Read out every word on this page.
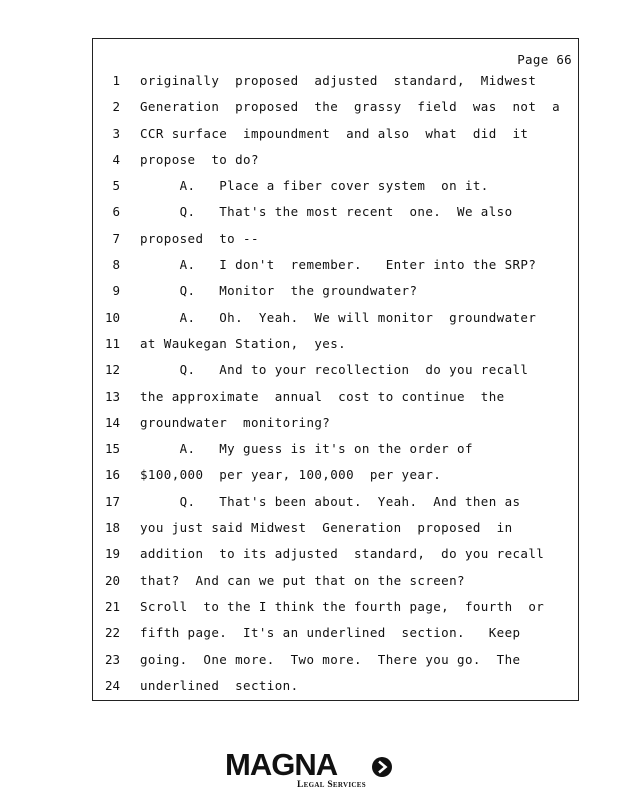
Page 66
1 originally  proposed  adjusted  standard,  Midwest
2 Generation  proposed  the  grassy  field  was  not  a
3 CCR surface  impoundment  and also  what  did  it
4 propose  to do?
5 A.   Place a fiber cover system  on it.
6 Q.   That's the most recent  one.  We also
7 proposed  to --
8 A.   I don't  remember.   Enter into the SRP?
9 Q.   Monitor  the groundwater?
10 A.   Oh.  Yeah.  We will monitor  groundwater
11 at Waukegan Station,  yes.
12 Q.   And to your recollection  do you recall
13 the approximate  annual  cost to continue  the
14 groundwater  monitoring?
15 A.   My guess is it's on the order of
16 $100,000  per year, 100,000  per year.
17 Q.   That's been about.  Yeah.  And then as
18 you just said Midwest  Generation  proposed  in
19 addition  to its adjusted  standard,  do you recall
20 that?  And can we put that on the screen?
21 Scroll  to the I think the fourth page,  fourth  or
22 fifth page.  It's an underlined  section.   Keep
23 going.  One more.  Two more.  There you go.  The
24 underlined  section.
MAGNA
Legal Services
